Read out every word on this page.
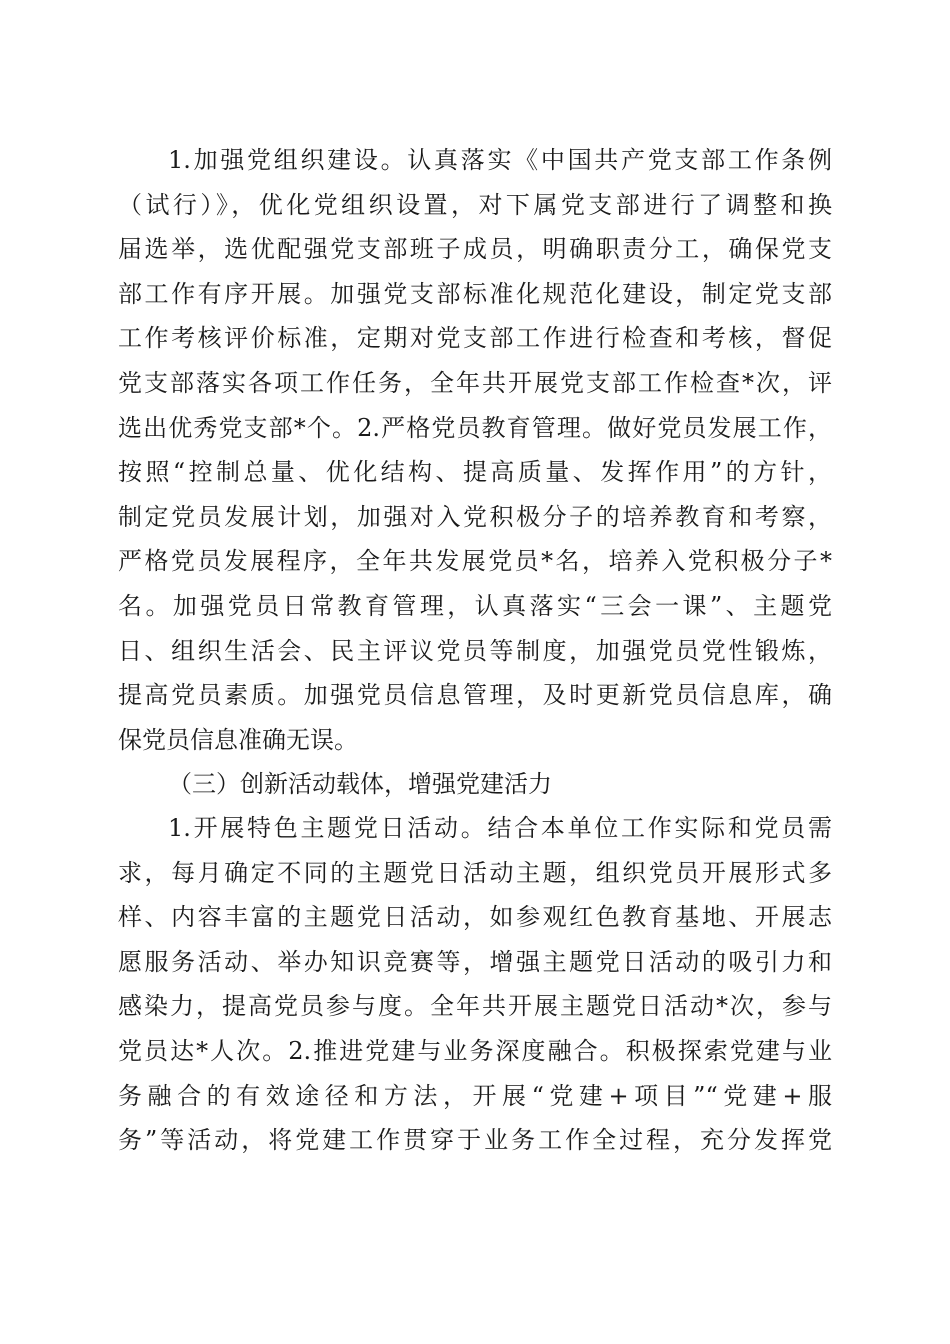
1.加强党组织建设。认真落实《中国共产党支部工作条例
（试行）》，优化党组织设置，对下属党支部进行了调整和换
届选举，选优配强党支部班子成员，明确职责分工，确保党支
部工作有序开展。加强党支部标准化规范化建设，制定党支部
工作考核评价标准，定期对党支部工作进行检查和考核，督促
党支部落实各项工作任务，全年共开展党支部工作检查*次，评
选出优秀党支部*个。2.严格党员教育管理。做好党员发展工作，
按照“控制总量、优化结构、提高质量、发挥作用”的方针，
制定党员发展计划，加强对入党积极分子的培养教育和考察，
严格党员发展程序，全年共发展党员*名，培养入党积极分子*
名。加强党员日常教育管理，认真落实“三会一课”、主题党
日、组织生活会、民主评议党员等制度，加强党员党性锻炼，
提高党员素质。加强党员信息管理，及时更新党员信息库，确
保党员信息准确无误。
（三）创新活动载体，增强党建活力
1.开展特色主题党日活动。结合本单位工作实际和党员需
求，每月确定不同的主题党日活动主题，组织党员开展形式多
样、内容丰富的主题党日活动，如参观红色教育基地、开展志
愿服务活动、举办知识竞赛等，增强主题党日活动的吸引力和
感染力，提高党员参与度。全年共开展主题党日活动*次，参与
党员达*人次。2.推进党建与业务深度融合。积极探索党建与业
务融合的有效途径和方法，开展“党建+项目”“党建+服
务”等活动，将党建工作贯穿于业务工作全过程，充分发挥党
